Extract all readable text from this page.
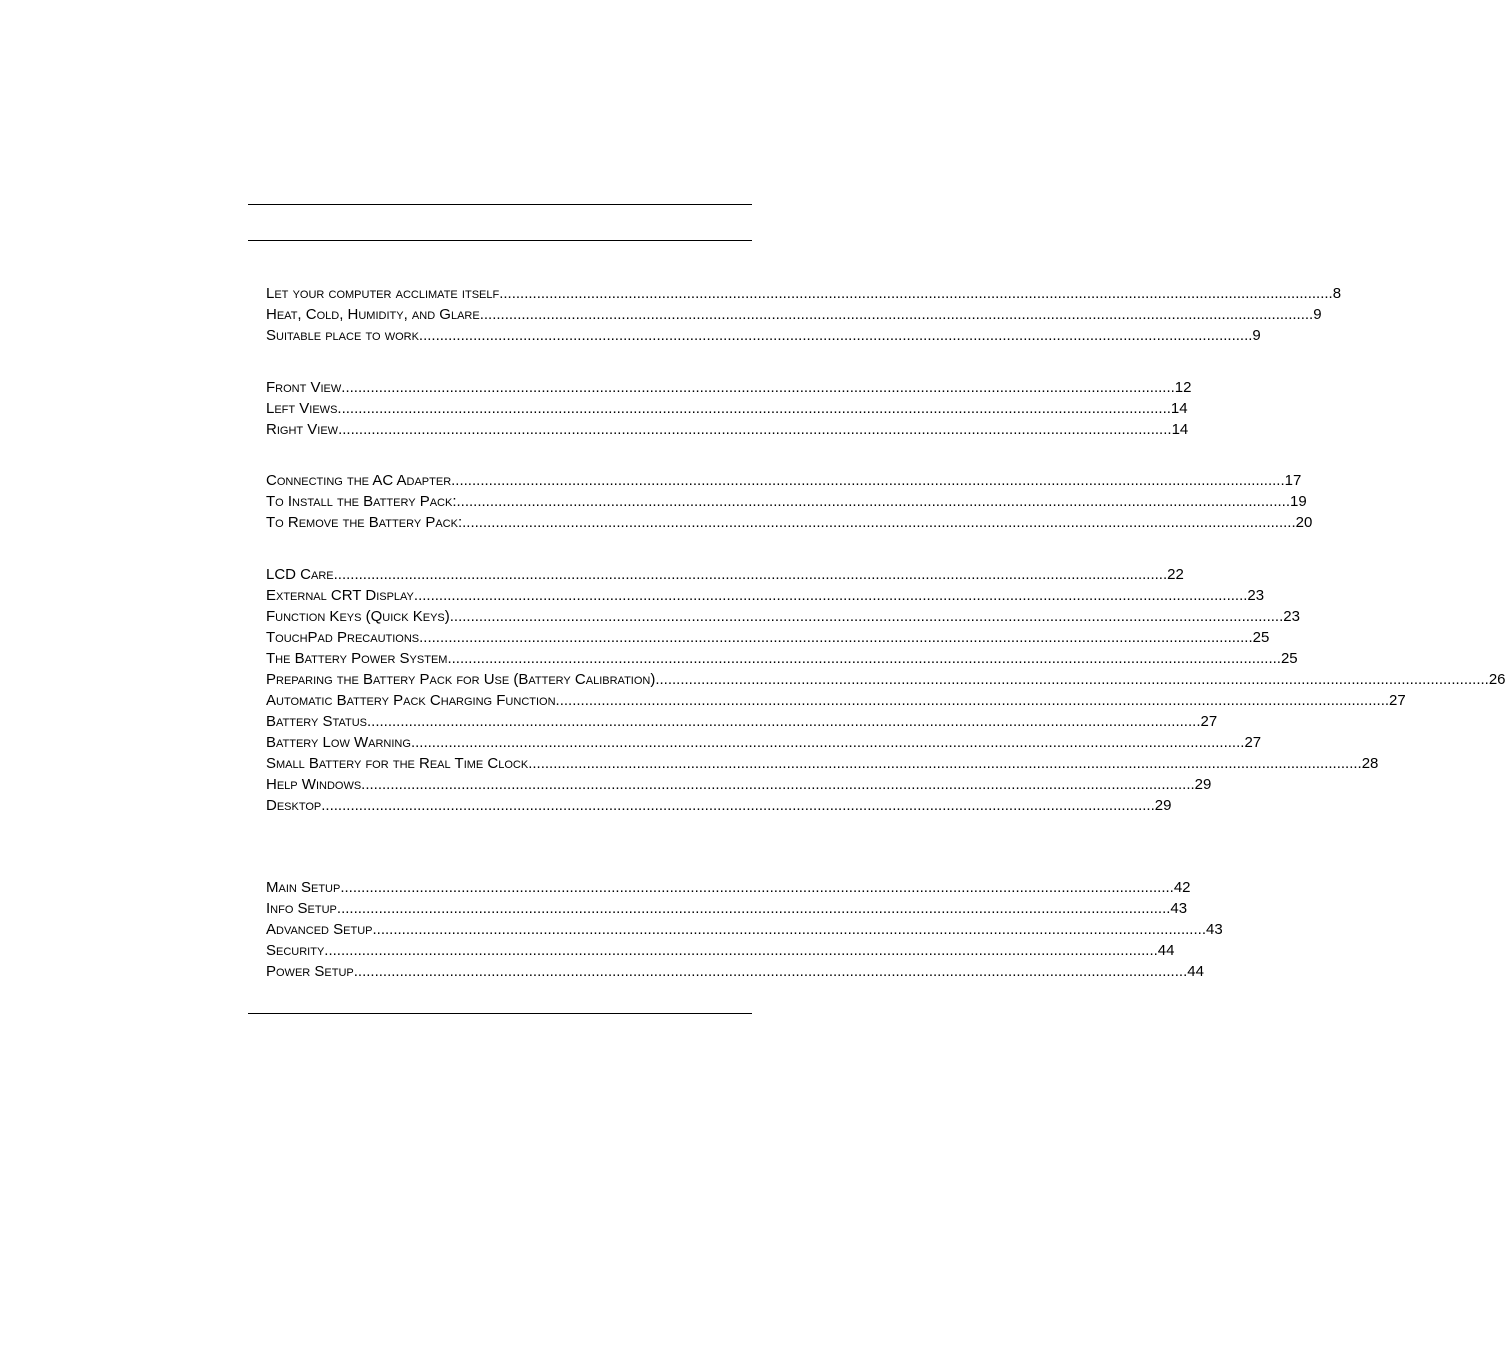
Let your computer acclimate itself ........................................................................................................................................................................................................ 8
Heat, Cold, Humidity, and Glare ........................................................................................................................................................................................................ 9
Suitable place to work ........................................................................................................................................................................................................ 9
Front View ........................................................................................................................................................................................................ 12
Left Views ........................................................................................................................................................................................................ 14
Right View ........................................................................................................................................................................................................ 14
Connecting the AC Adapter ........................................................................................................................................................................................................ 17
To Install the Battery Pack: ........................................................................................................................................................................................................ 19
To Remove the Battery Pack: ........................................................................................................................................................................................................ 20
LCD Care ........................................................................................................................................................................................................ 22
External CRT Display ........................................................................................................................................................................................................ 23
Function Keys (Quick Keys) ........................................................................................................................................................................................................ 23
TouchPad Precautions ........................................................................................................................................................................................................ 25
The Battery Power System ........................................................................................................................................................................................................ 25
Preparing the Battery Pack for Use (Battery Calibration) ........................................................................................................................................................................................................ 26
Automatic Battery Pack Charging Function ........................................................................................................................................................................................................ 27
Battery Status ........................................................................................................................................................................................................ 27
Battery Low Warning ........................................................................................................................................................................................................ 27
Small Battery for the Real Time Clock ........................................................................................................................................................................................................ 28
Help Windows ........................................................................................................................................................................................................ 29
Desktop ........................................................................................................................................................................................................ 29
Main Setup ........................................................................................................................................................................................................ 42
Info Setup ........................................................................................................................................................................................................ 43
Advanced Setup ........................................................................................................................................................................................................ 43
Security ........................................................................................................................................................................................................ 44
Power Setup ........................................................................................................................................................................................................ 44
